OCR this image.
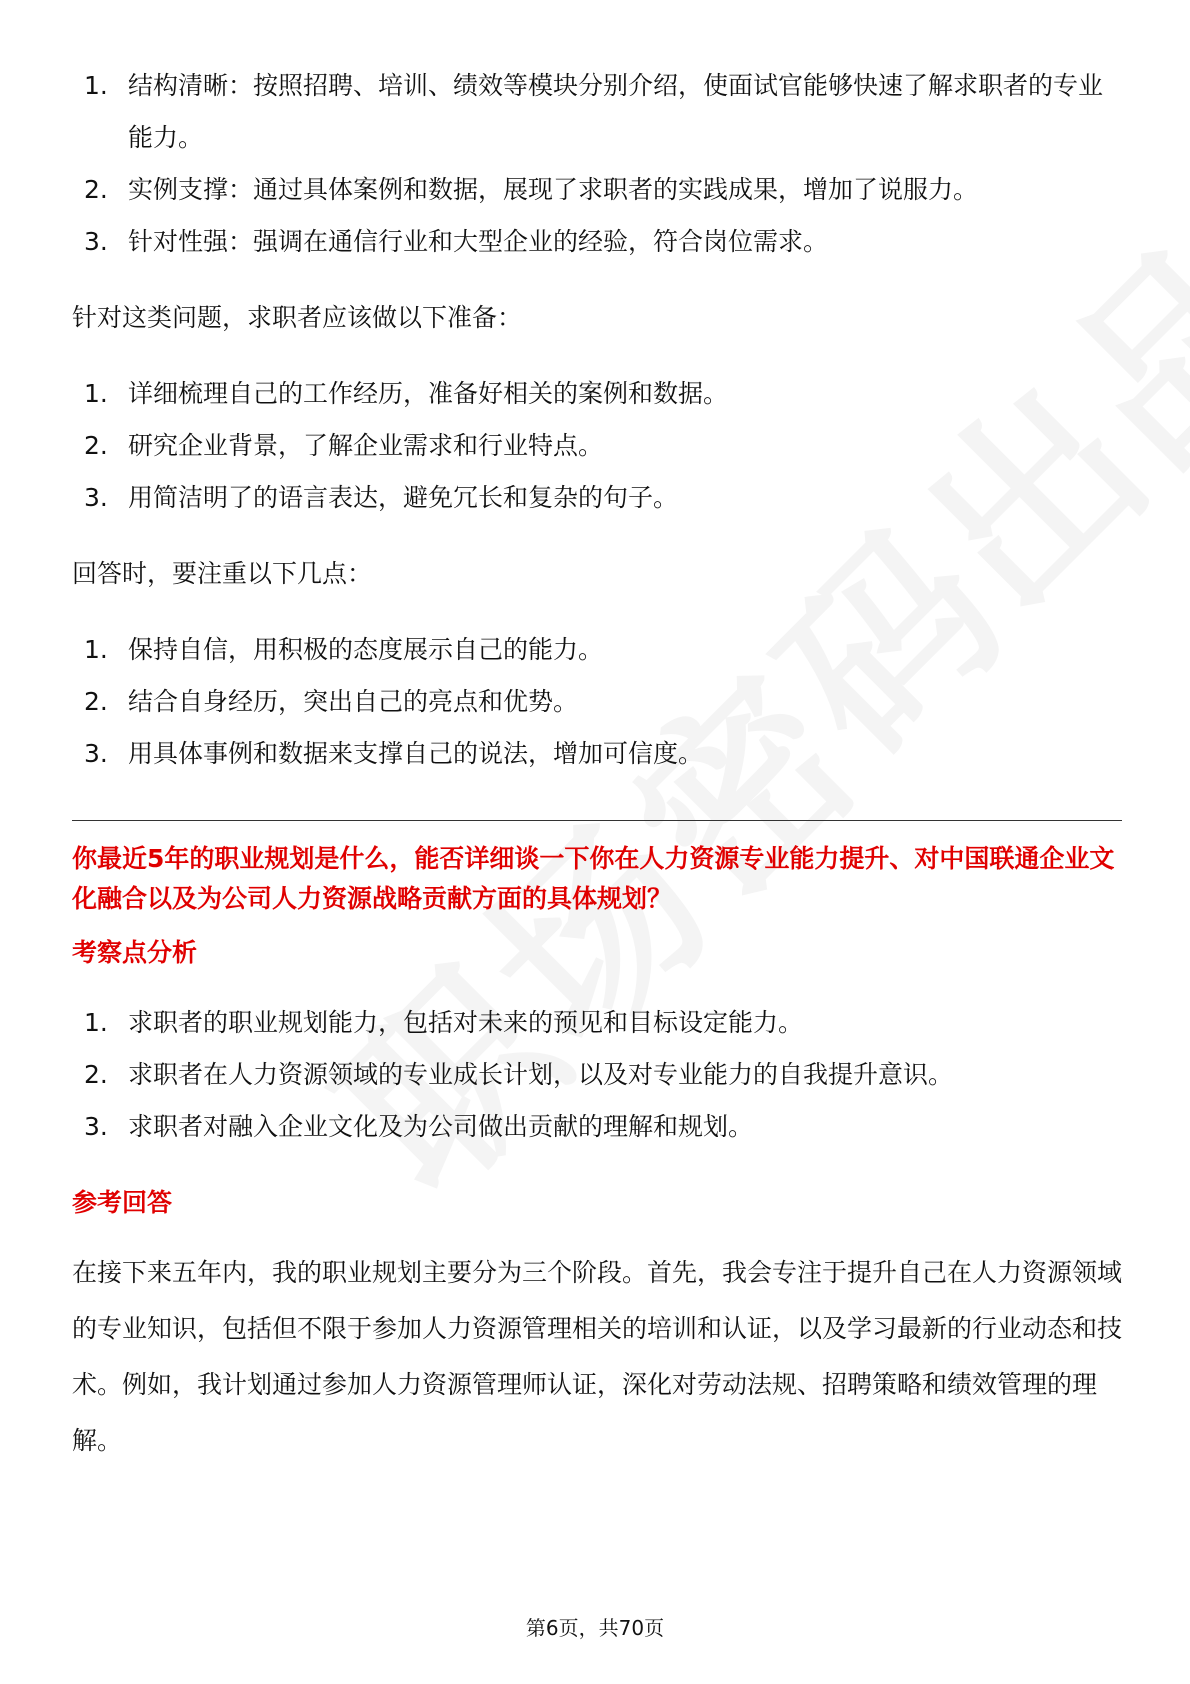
1. 结构清晰：按照招聘、培训、绩效等模块分别介绍，使面试官能够快速了解求职者的专业能力。
2. 实例支撑：通过具体案例和数据，展现了求职者的实践成果，增加了说服力。
3. 针对性强：强调在通信行业和大型企业的经验，符合岗位需求。

针对这类问题，求职者应该做以下准备：

1. 详细梳理自己的工作经历，准备好相关的案例和数据。
2. 研究企业背景，了解企业需求和行业特点。
3. 用简洁明了的语言表达，避免冗长和复杂的句子。

回答时，要注重以下几点：

1. 保持自信，用积极的态度展示自己的能力。
2. 结合自身经历，突出自己的亮点和优势。
3. 用具体事例和数据来支撑自己的说法，增加可信度。

你最近5年的职业规划是什么，能否详细谈一下你在人力资源专业能力提升、对中国联通企业文化融合以及为公司人力资源战略贡献方面的具体规划？

考察点分析

1. 求职者的职业规划能力，包括对未来的预见和目标设定能力。
2. 求职者在人力资源领域的专业成长计划，以及对专业能力的自我提升意识。
3. 求职者对融入企业文化及为公司做出贡献的理解和规划。

参考回答

在接下来五年内，我的职业规划主要分为三个阶段。首先，我会专注于提升自己在人力资源领域的专业知识，包括但不限于参加人力资源管理相关的培训和认证，以及学习最新的行业动态和技术。例如，我计划通过参加人力资源管理师认证，深化对劳动法规、招聘策略和绩效管理的理解。

第6页，共70页
